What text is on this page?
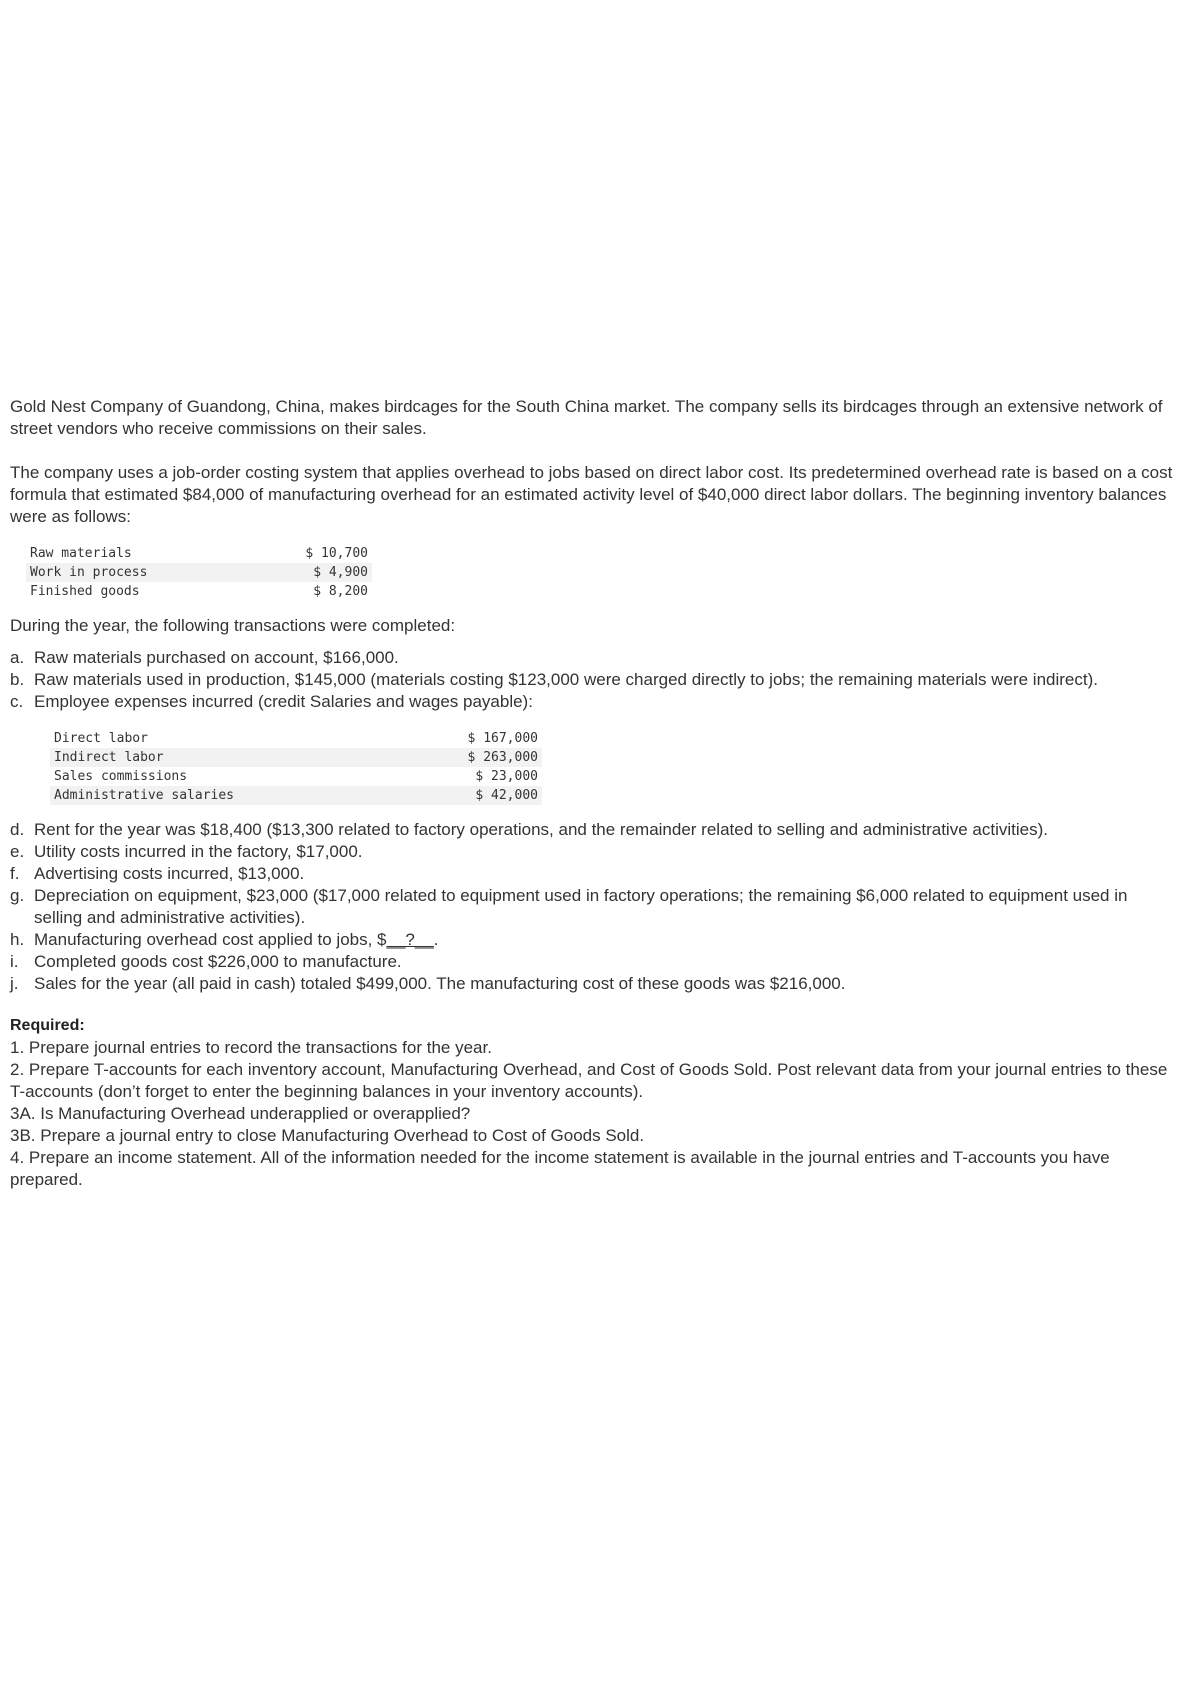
Gold Nest Company of Guandong, China, makes birdcages for the South China market. The company sells its birdcages through an extensive network of street vendors who receive commissions on their sales.

The company uses a job-order costing system that applies overhead to jobs based on direct labor cost. Its predetermined overhead rate is based on a cost formula that estimated $84,000 of manufacturing overhead for an estimated activity level of $40,000 direct labor dollars. The beginning inventory balances were as follows:

Raw materials	$ 10,700
Work in process	$ 4,900
Finished goods	$ 8,200

During the year, the following transactions were completed:

a. Raw materials purchased on account, $166,000.
b. Raw materials used in production, $145,000 (materials costing $123,000 were charged directly to jobs; the remaining materials were indirect).
c. Employee expenses incurred (credit Salaries and wages payable):
Direct labor	$ 167,000
Indirect labor	$ 263,000
Sales commissions	$ 23,000
Administrative salaries	$ 42,000
d. Rent for the year was $18,400 ($13,300 related to factory operations, and the remainder related to selling and administrative activities).
e. Utility costs incurred in the factory, $17,000.
f. Advertising costs incurred, $13,000.
g. Depreciation on equipment, $23,000 ($17,000 related to equipment used in factory operations; the remaining $6,000 related to equipment used in selling and administrative activities).
h. Manufacturing overhead cost applied to jobs, $__?__.
i. Completed goods cost $226,000 to manufacture.
j. Sales for the year (all paid in cash) totaled $499,000. The manufacturing cost of these goods was $216,000.
Required:

1. Prepare journal entries to record the transactions for the year.

2. Prepare T-accounts for each inventory account, Manufacturing Overhead, and Cost of Goods Sold. Post relevant data from your journal entries to these T-accounts (don’t forget to enter the beginning balances in your inventory accounts).

3A. Is Manufacturing Overhead underapplied or overapplied?

3B. Prepare a journal entry to close Manufacturing Overhead to Cost of Goods Sold.

4. Prepare an income statement. All of the information needed for the income statement is available in the journal entries and T-accounts you have prepared.
